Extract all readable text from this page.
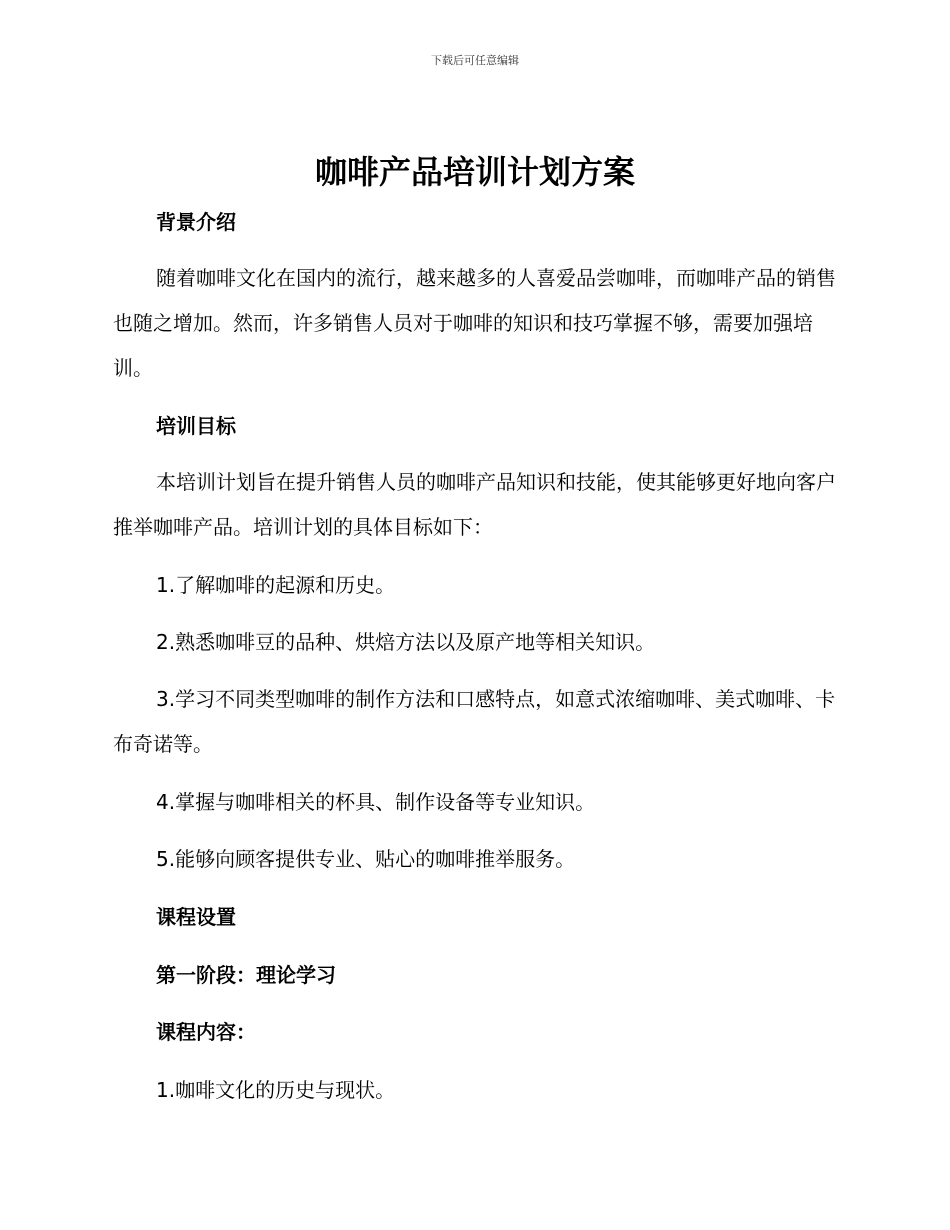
下载后可任意编辑
咖啡产品培训计划方案
背景介绍

随着咖啡文化在国内的流行，越来越多的人喜爱品尝咖啡，而咖啡产品的销售也随之增加。然而，许多销售人员对于咖啡的知识和技巧掌握不够，需要加强培训。

培训目标

本培训计划旨在提升销售人员的咖啡产品知识和技能，使其能够更好地向客户推举咖啡产品。培训计划的具体目标如下：

1.了解咖啡的起源和历史。

2.熟悉咖啡豆的品种、烘焙方法以及原产地等相关知识。

3.学习不同类型咖啡的制作方法和口感特点，如意式浓缩咖啡、美式咖啡、卡布奇诺等。

4.掌握与咖啡相关的杯具、制作设备等专业知识。

5.能够向顾客提供专业、贴心的咖啡推举服务。

课程设置
第一阶段：理论学习
课程内容：

1.咖啡文化的历史与现状。
